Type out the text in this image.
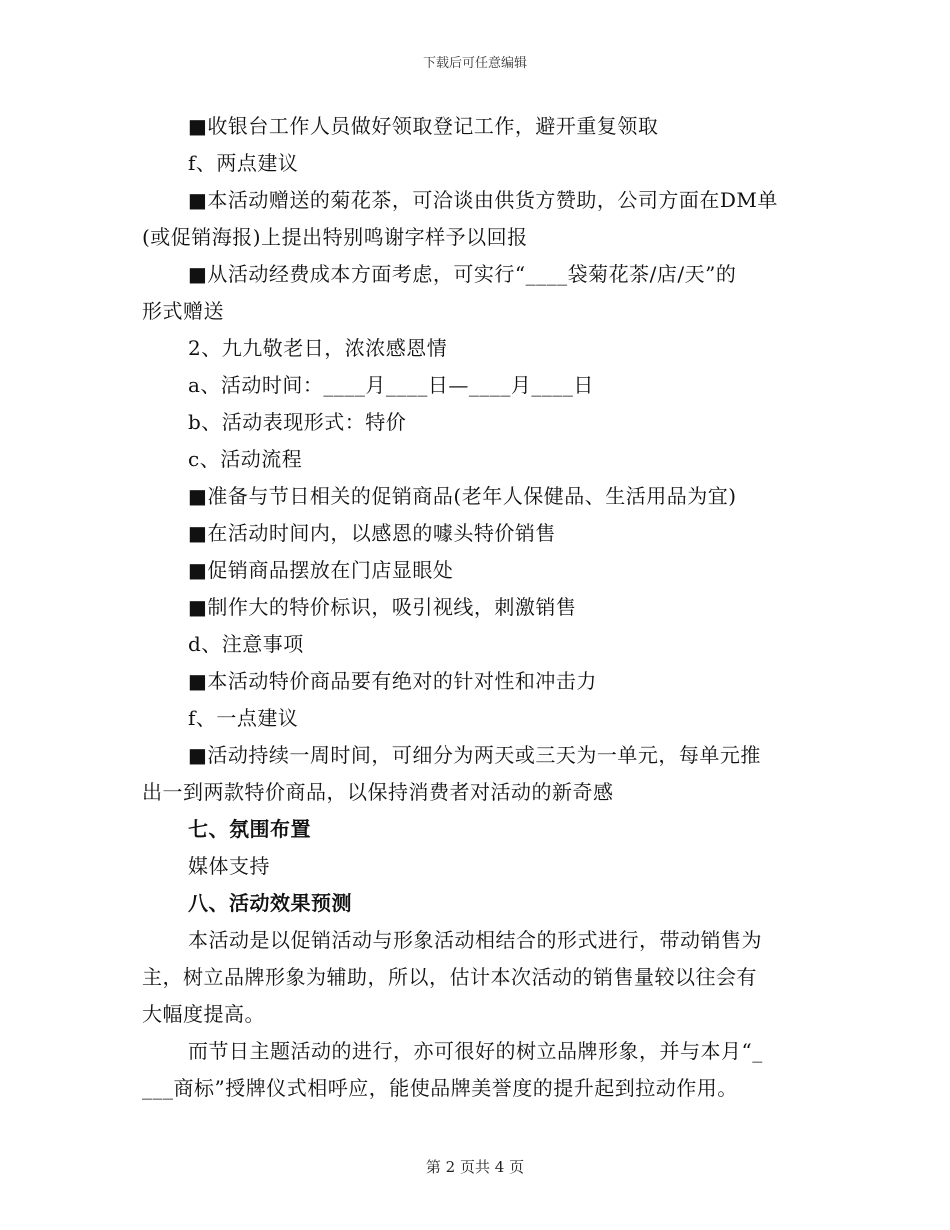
下载后可任意编辑
■收银台工作人员做好领取登记工作，避开重复领取
f、两点建议
■本活动赠送的菊花茶，可洽谈由供货方赞助，公司方面在DM单
(或促销海报)上提出特别鸣谢字样予以回报
■从活动经费成本方面考虑，可实行“____袋菊花茶/店/天”的
形式赠送
2、九九敬老日，浓浓感恩情
a、活动时间：____月____日—____月____日
b、活动表现形式：特价
c、活动流程
■准备与节日相关的促销商品(老年人保健品、生活用品为宜)
■在活动时间内，以感恩的噱头特价销售
■促销商品摆放在门店显眼处
■制作大的特价标识，吸引视线，刺激销售
d、注意事项
■本活动特价商品要有绝对的针对性和冲击力
f、一点建议
■活动持续一周时间，可细分为两天或三天为一单元，每单元推
出一到两款特价商品，以保持消费者对活动的新奇感
七、氛围布置
媒体支持
八、活动效果预测
本活动是以促销活动与形象活动相结合的形式进行，带动销售为
主，树立品牌形象为辅助，所以，估计本次活动的销售量较以往会有
大幅度提高。
而节日主题活动的进行，亦可很好的树立品牌形象，并与本月“_
___商标”授牌仪式相呼应，能使品牌美誉度的提升起到拉动作用。
第 2 页共 4 页
